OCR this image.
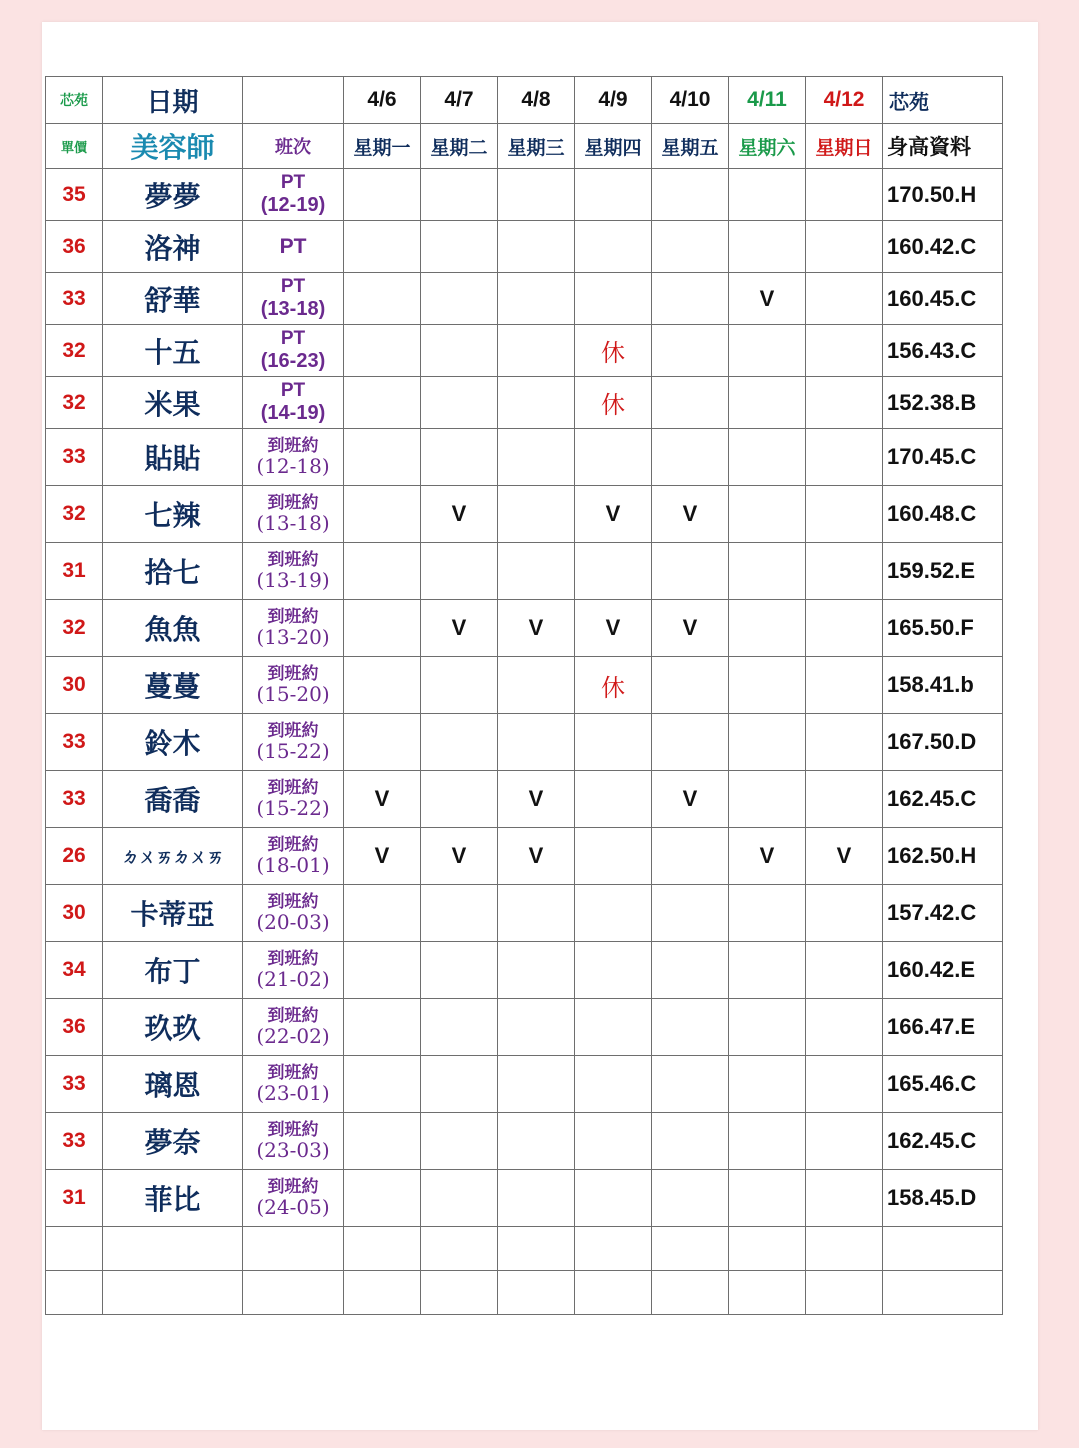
芯苑	日期		4/6	4/7	4/8	4/9	4/10	4/11	4/12	芯苑
單價	美容師	班次	星期一	星期二	星期三	星期四	星期五	星期六	星期日	身高資料
35	夢夢	PT
(12-19)								170.50.H
36	洛神	PT								160.42.C
33	舒華	PT
(13-18)						V		160.45.C
32	十五	PT
(16-23)				休				156.43.C
32	米果	PT
(14-19)				休				152.38.B
33	貼貼	到班約
(12-18)								170.45.C
32	七辣	到班約
(13-18)		V		V	V			160.48.C
31	拾七	到班約
(13-19)								159.52.E
32	魚魚	到班約
(13-20)		V	V	V	V			165.50.F
30	蔓蔓	到班約
(15-20)				休				158.41.b
33	鈴木	到班約
(15-22)								167.50.D
33	喬喬	到班約
(15-22)	V		V		V			162.45.C
26	ㄉㄨㄞㄉㄨㄞ	到班約
(18-01)	V	V	V			V	V	162.50.H
30	卡蒂亞	到班約
(20-03)								157.42.C
34	布丁	到班約
(21-02)								160.42.E
36	玖玖	到班約
(22-02)								166.47.E
33	璃恩	到班約
(23-01)								165.46.C
33	夢奈	到班約
(23-03)								162.45.C
31	菲比	到班約
(24-05)								158.45.D
